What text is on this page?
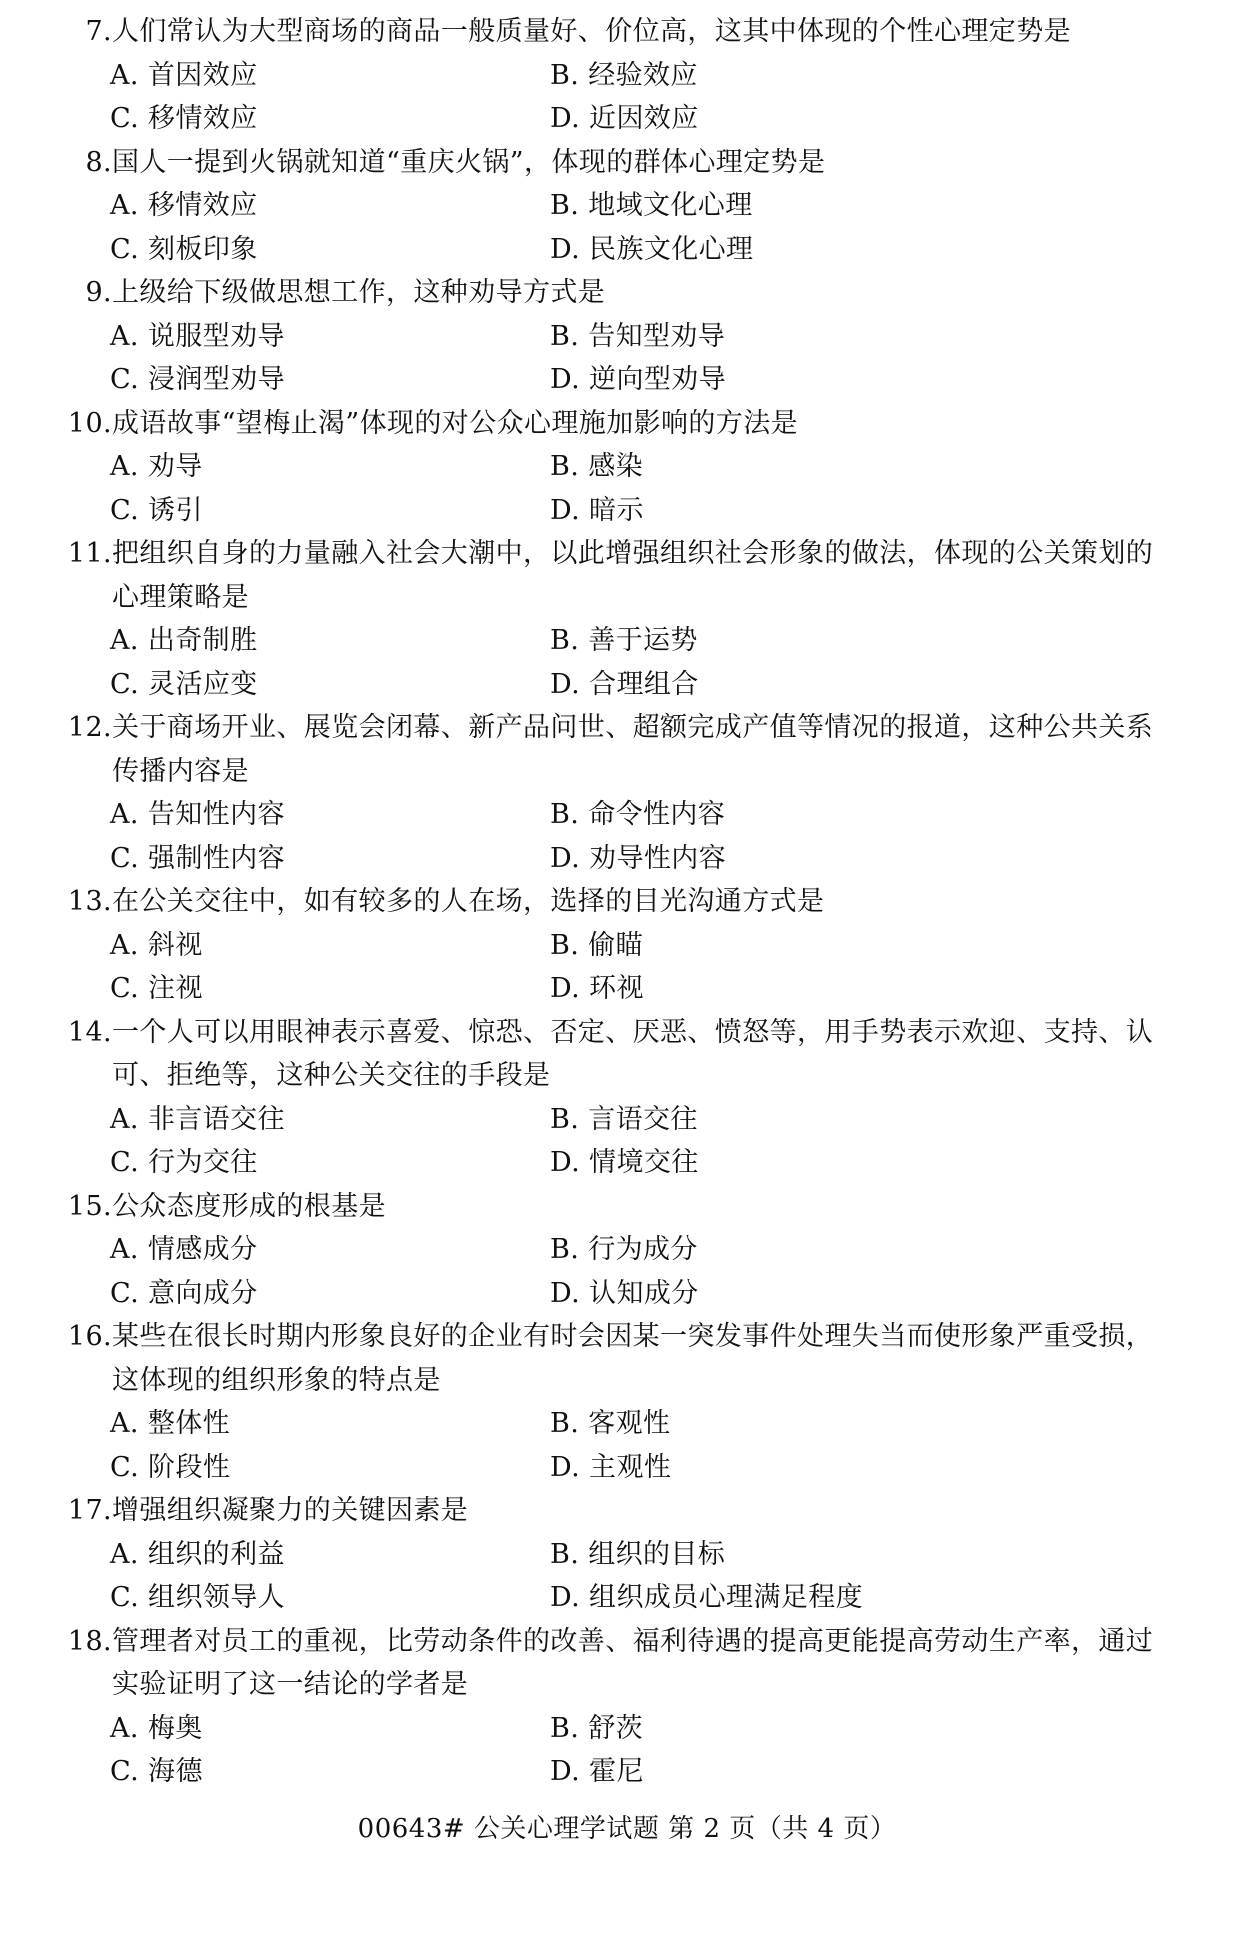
7.人们常认为大型商场的商品一般质量好、价位高，这其中体现的个性心理定势是

A. 首因效应	B. 经验效应
C. 移情效应	D. 近因效应

8.国人一提到火锅就知道“重庆火锅”，体现的群体心理定势是

A. 移情效应	B. 地域文化心理
C. 刻板印象	D. 民族文化心理

9.上级给下级做思想工作，这种劝导方式是

A. 说服型劝导	B. 告知型劝导
C. 浸润型劝导	D. 逆向型劝导

10.成语故事“望梅止渴”体现的对公众心理施加影响的方法是

A. 劝导	B. 感染
C. 诱引	D. 暗示

11.把组织自身的力量融入社会大潮中，以此增强组织社会形象的做法，体现的公关策划的心理策略是

A. 出奇制胜	B. 善于运势
C. 灵活应变	D. 合理组合

12.关于商场开业、展览会闭幕、新产品问世、超额完成产值等情况的报道，这种公共关系传播内容是

A. 告知性内容	B. 命令性内容
C. 强制性内容	D. 劝导性内容

13.在公关交往中，如有较多的人在场，选择的目光沟通方式是

A. 斜视	B. 偷瞄
C. 注视	D. 环视

14.一个人可以用眼神表示喜爱、惊恐、否定、厌恶、愤怒等，用手势表示欢迎、支持、认可、拒绝等，这种公关交往的手段是

A. 非言语交往	B. 言语交往
C. 行为交往	D. 情境交往

15.公众态度形成的根基是

A. 情感成分	B. 行为成分
C. 意向成分	D. 认知成分

16.某些在很长时期内形象良好的企业有时会因某一突发事件处理失当而使形象严重受损，这体现的组织形象的特点是

A. 整体性	B. 客观性
C. 阶段性	D. 主观性

17.增强组织凝聚力的关键因素是

A. 组织的利益	B. 组织的目标
C. 组织领导人	D. 组织成员心理满足程度

18.管理者对员工的重视，比劳动条件的改善、福利待遇的提高更能提高劳动生产率，通过实验证明了这一结论的学者是

A. 梅奥	B. 舒茨
C. 海德	D. 霍尼
00643# 公关心理学试题 第 2 页（共 4 页）
